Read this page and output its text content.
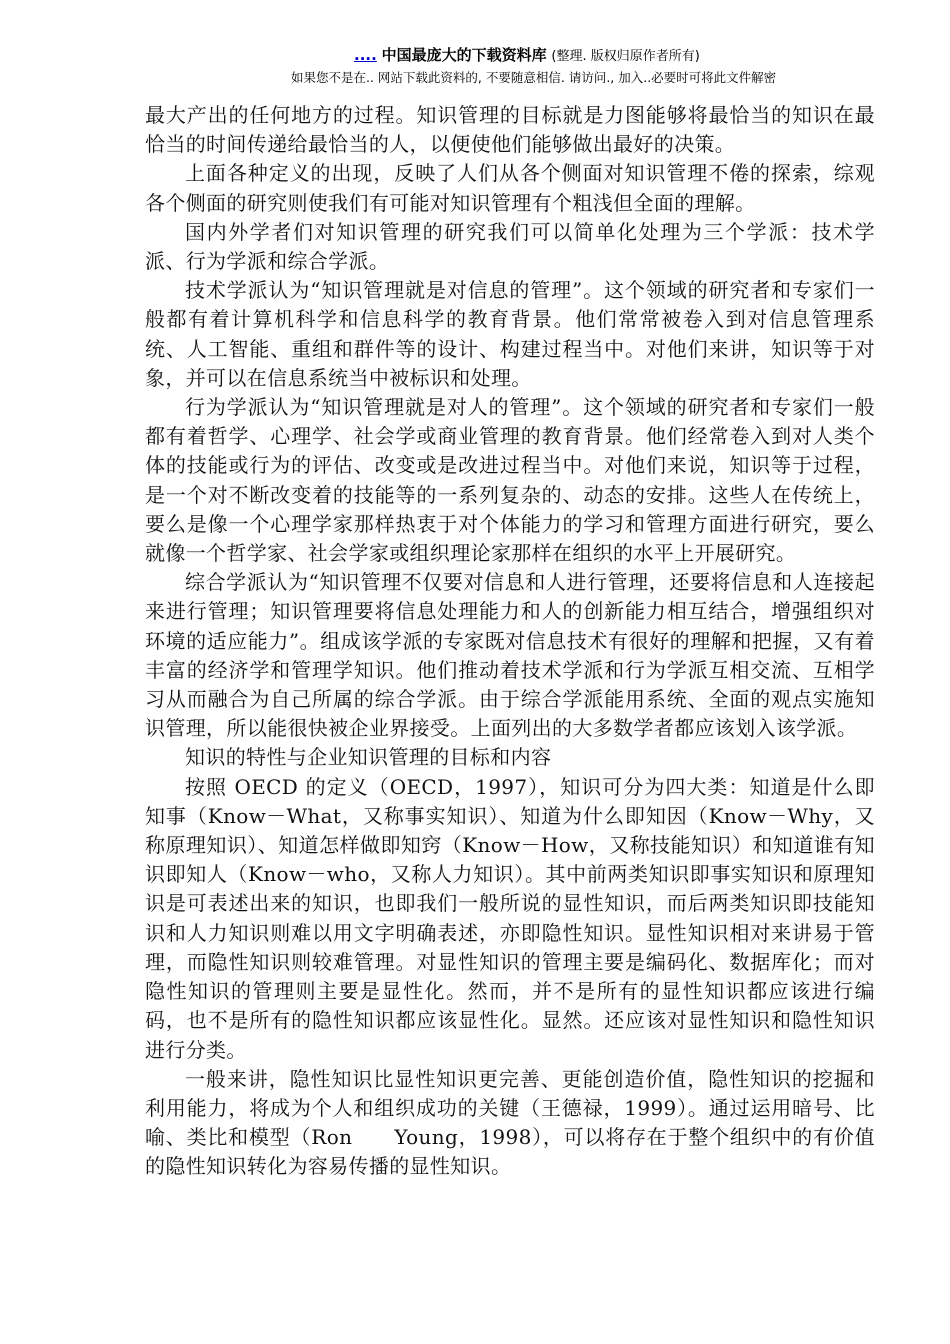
.... 中国最庞大的下载资料库 (整理. 版权归原作者所有)
如果您不是在.. 网站下载此资料的, 不要随意相信. 请访问., 加入..必要时可将此文件解密

最大产出的任何地方的过程。知识管理的目标就是力图能够将最恰当的知识在最恰当的时间传递给最恰当的人，以便使他们能够做出最好的决策。

上面各种定义的出现，反映了人们从各个侧面对知识管理不倦的探索，综观各个侧面的研究则使我们有可能对知识管理有个粗浅但全面的理解。

国内外学者们对知识管理的研究我们可以简单化处理为三个学派：技术学派、行为学派和综合学派。

技术学派认为“知识管理就是对信息的管理”。这个领域的研究者和专家们一般都有着计算机科学和信息科学的教育背景。他们常常被卷入到对信息管理系统、人工智能、重组和群件等的设计、构建过程当中。对他们来讲，知识等于对象，并可以在信息系统当中被标识和处理。

行为学派认为“知识管理就是对人的管理”。这个领域的研究者和专家们一般都有着哲学、心理学、社会学或商业管理的教育背景。他们经常卷入到对人类个体的技能或行为的评估、改变或是改进过程当中。对他们来说，知识等于过程，是一个对不断改变着的技能等的一系列复杂的、动态的安排。这些人在传统上，要么是像一个心理学家那样热衷于对个体能力的学习和管理方面进行研究，要么就像一个哲学家、社会学家或组织理论家那样在组织的水平上开展研究。

综合学派认为“知识管理不仅要对信息和人进行管理，还要将信息和人连接起来进行管理；知识管理要将信息处理能力和人的创新能力相互结合，增强组织对环境的适应能力”。组成该学派的专家既对信息技术有很好的理解和把握，又有着丰富的经济学和管理学知识。他们推动着技术学派和行为学派互相交流、互相学习从而融合为自己所属的综合学派。由于综合学派能用系统、全面的观点实施知识管理，所以能很快被企业界接受。上面列出的大多数学者都应该划入该学派。

知识的特性与企业知识管理的目标和内容

按照 OECD 的定义（OECD，1997），知识可分为四大类：知道是什么即知事（Know－What，又称事实知识）、知道为什么即知因（Know－Why，又称原理知识）、知道怎样做即知窍（Know－How，又称技能知识）和知道谁有知识即知人（Know－who，又称人力知识）。其中前两类知识即事实知识和原理知识是可表述出来的知识，也即我们一般所说的显性知识，而后两类知识即技能知识和人力知识则难以用文字明确表述，亦即隐性知识。显性知识相对来讲易于管理，而隐性知识则较难管理。对显性知识的管理主要是编码化、数据库化；而对隐性知识的管理则主要是显性化。然而，并不是所有的显性知识都应该进行编码，也不是所有的隐性知识都应该显性化。显然。还应该对显性知识和隐性知识进行分类。

一般来讲，隐性知识比显性知识更完善、更能创造价值，隐性知识的挖掘和利用能力，将成为个人和组织成功的关键（王德禄，1999）。通过运用暗号、比喻、类比和模型（Ron　　Young，1998），可以将存在于整个组织中的有价值的隐性知识转化为容易传播的显性知识。
